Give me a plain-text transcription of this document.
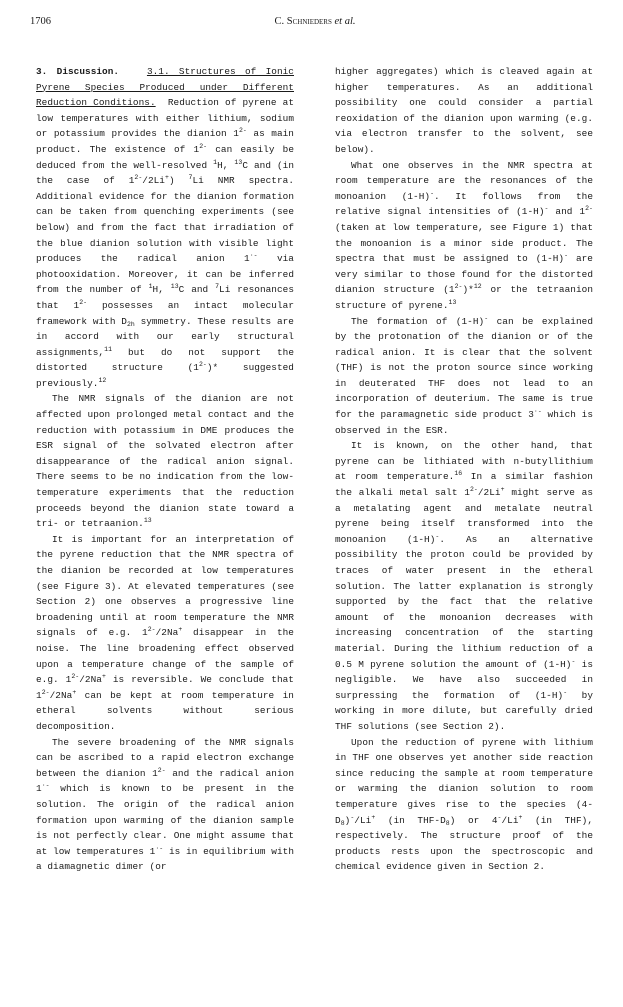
1706	C. Schnieders et al.

3. Discussion.	3.1. Structures of Ionic Pyrene Species Produced under Different Reduction Conditions. Reduction of pyrene at low temperatures with either lithium, sodium or potassium provides the dianion $1^{2-}$ as main product. The existence of $1^{2-}$ can easily be deduced from the well-resolved $^1$H, $^{13}$C and (in the case of $1^{2-}/2Li^+$) $^7$Li NMR spectra. Additional evidence for the dianion formation can be taken from quenching experiments (see below) and from the fact that irradiation of the blue dianion solution with visible light produces the radical anion 1·- via photooxidation. Moreover, it can be inferred from the number of $^1$H, $^{13}$C and $^7$Li resonances that $1^{2-}$ possesses an intact molecular framework with $D_{2h}$ symmetry. These results are in accord with our early structural assignments,$^{11}$ but do not support the distorted structure $(1^{2-})*$ suggested previously.$^{12}$

The NMR signals of the dianion are not affected upon prolonged metal contact and the reduction with potassium in DME produces the ESR signal of the solvated electron after disappearance of the radical anion signal. There seems to be no indication from the low-temperature experiments that the reduction proceeds beyond the dianion state toward a tri- or tetraanion.$^{13}$

It is important for an interpretation of the pyrene reduction that the NMR spectra of the dianion be recorded at low temperatures (see Figure 3). At elevated temperatures (see Section 2) one observes a progressive line broadening until at room temperature the NMR signals of e.g. $1^{2-}/2Na^+$ disappear in the noise. The line broadening effect observed upon a temperature change of the sample of e.g. $1^{2-}/2Na^+$ is reversible. We conclude that $1^{2-}/2Na^+$ can be kept at room temperature in etheral solvents without serious decomposition.

The severe broadening of the NMR signals can be ascribed to a rapid electron exchange between the dianion $1^{2-}$ and the radical anion 1·- which is known to be present in the solution. The origin of the radical anion formation upon warming of the dianion sample is not perfectly clear. One might assume that at low temperatures 1·- is in equilibrium with a diamagnetic dimer (or

higher aggregates) which is cleaved again at higher temperatures. As an additional possibility one could consider a partial reoxidation of the dianion upon warming (e.g. via electron transfer to the solvent, see below).

What one observes in the NMR spectra at room temperature are the resonances of the monoanion (1-H)-. It follows from the relative signal intensities of (1-H)- and $1^{2-}$ (taken at low temperature, see Figure 1) that the monoanion is a minor side product. The spectra that must be assigned to (1-H)- are very similar to those found for the distorted dianion structure $(1^{2-})*^{12}$ or the tetraanion structure of pyrene.$^{13}$

The formation of (1-H)- can be explained by the protonation of the dianion or of the radical anion. It is clear that the solvent (THF) is not the proton source since working in deuterated THF does not lead to an incorporation of deuterium. The same is true for the paramagnetic side product 3·- which is observed in the ESR.

It is known, on the other hand, that pyrene can be lithiated with n-butyllithium at room temperature.$^{16}$ In a similar fashion the alkali metal salt $1^{2-}/2Li^+$ might serve as a metalating agent and metalate neutral pyrene being itself transformed into the monoanion (1-H)-. As an alternative possibility the proton could be provided by traces of water present in the etheral solution. The latter explanation is strongly supported by the fact that the relative amount of the monoanion decreases with increasing concentration of the starting material. During the lithium reduction of a 0.5 M pyrene solution the amount of (1-H)- is negligible. We have also succeeded in surpressing the formation of (1-H)- by working in more dilute, but carefully dried THF solutions (see Section 2).

Upon the reduction of pyrene with lithium in THF one observes yet another side reaction since reducing the sample at room temperature or warming the dianion solution to room temperature gives rise to the species $(4-D_8)^-/Li^+$ (in THF-$D_8$) or 4-/Li+ (in THF), respectively. The structure proof of the products rests upon the spectroscopic and chemical evidence given in Section 2.
